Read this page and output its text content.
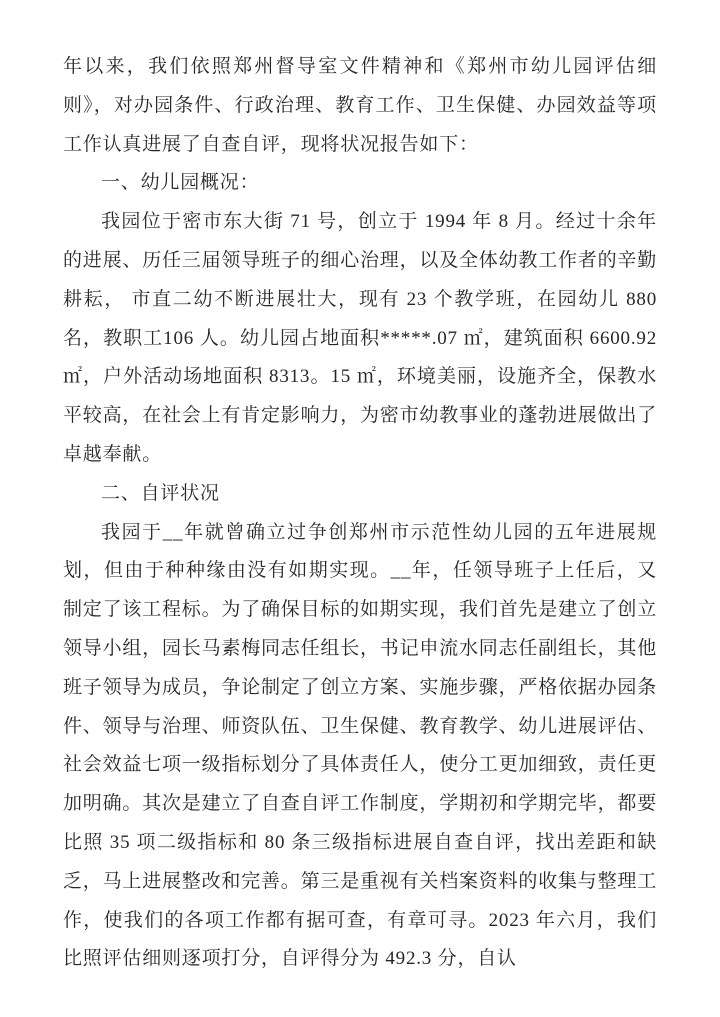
年以来，我们依照郑州督导室文件精神和《郑州市幼儿园评估细则》，对办园条件、行政治理、教育工作、卫生保健、办园效益等项工作认真进展了自查自评，现将状况报告如下：

一、幼儿园概况：

我园位于密市东大街 71 号，创立于 1994 年 8 月。经过十余年的进展、历任三届领导班子的细心治理，以及全体幼教工作者的辛勤耕耘， 市直二幼不断进展壮大，现有 23 个教学班，在园幼儿 880 名，教职工106 人。幼儿园占地面积*****.07 ㎡，建筑面积 6600.92 ㎡，户外活动场地面积 8313。15 ㎡，环境美丽，设施齐全，保教水平较高，在社会上有肯定影响力，为密市幼教事业的蓬勃进展做出了卓越奉献。

二、自评状况

我园于__年就曾确立过争创郑州市示范性幼儿园的五年进展规划，但由于种种缘由没有如期实现。__年，任领导班子上任后，又制定了该工程标。为了确保目标的如期实现，我们首先是建立了创立领导小组，园长马素梅同志任组长，书记申流水同志任副组长，其他班子领导为成员，争论制定了创立方案、实施步骤，严格依据办园条件、领导与治理、师资队伍、卫生保健、教育教学、幼儿进展评估、社会效益七项一级指标划分了具体责任人，使分工更加细致，责任更加明确。其次是建立了自查自评工作制度，学期初和学期完毕，都要比照 35 项二级指标和 80 条三级指标进展自查自评，找出差距和缺乏，马上进展整改和完善。第三是重视有关档案资料的收集与整理工作，使我们的各项工作都有据可查，有章可寻。2023 年六月，我们比照评估细则逐项打分，自评得分为 492.3 分，自认
